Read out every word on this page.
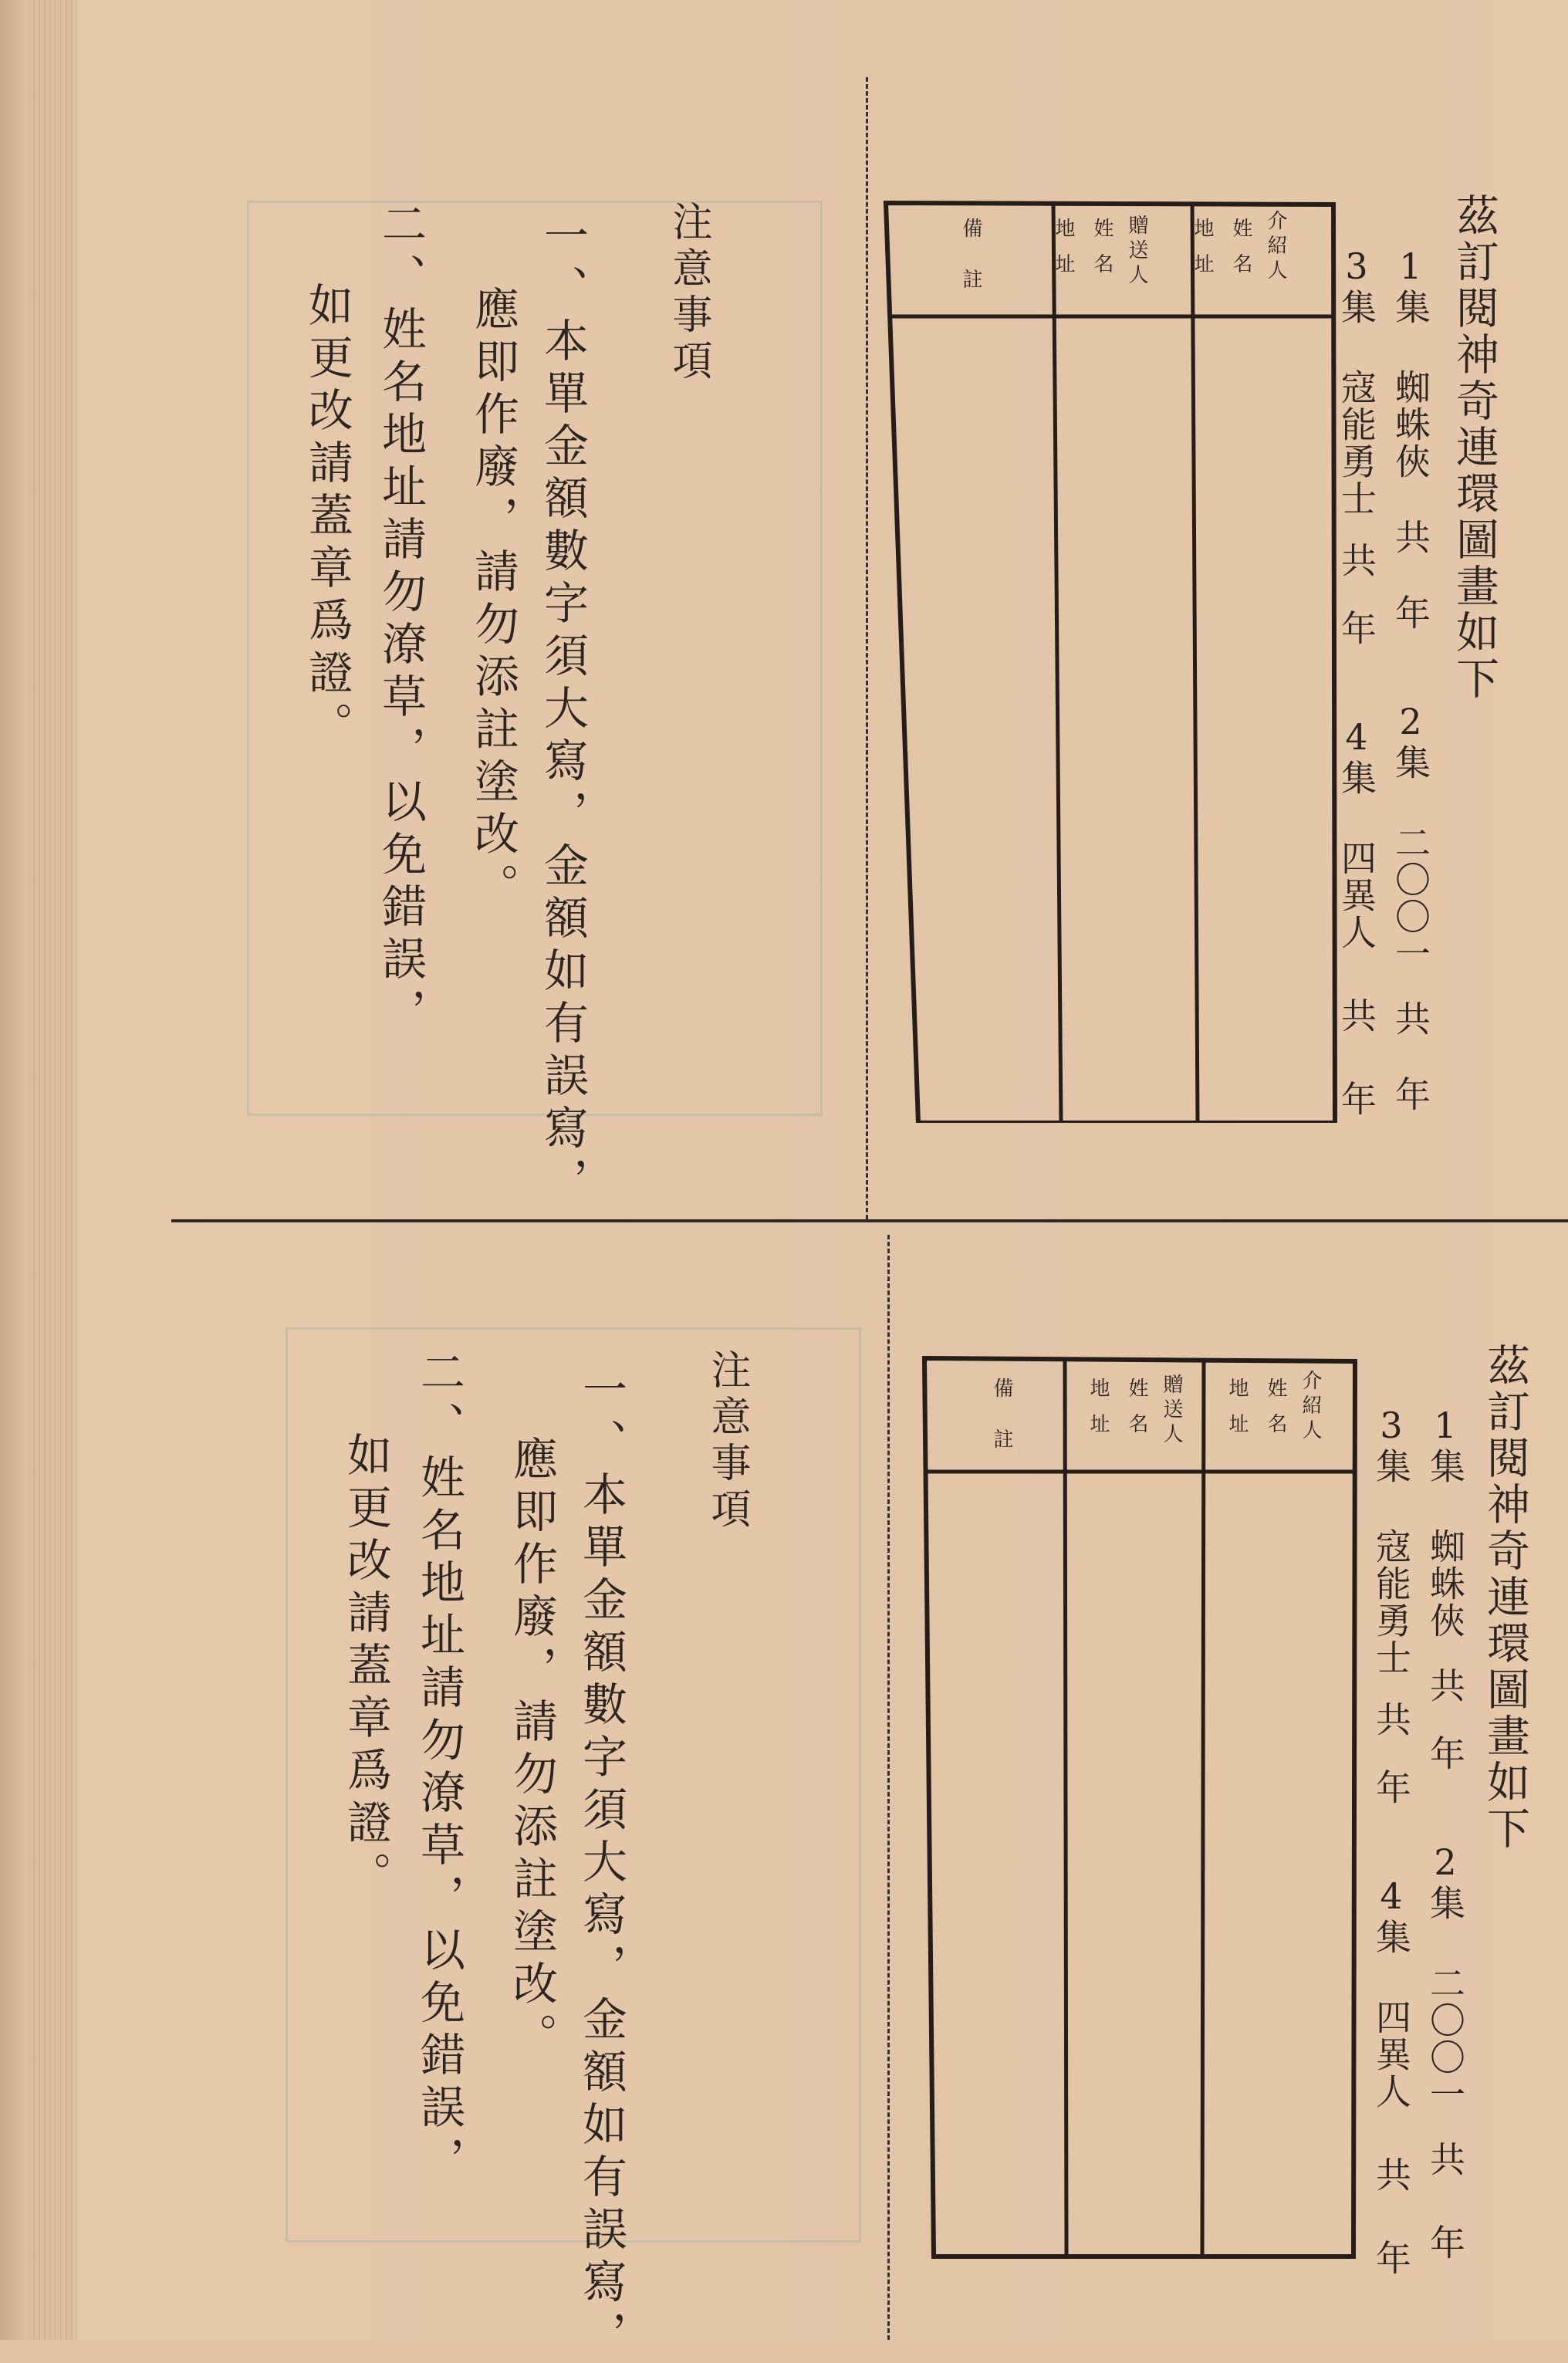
茲訂閱神奇連環圖畫如下
1集 蜘蛛俠共年2集 二〇〇一共年
3集 寇能勇士共年4集 四異人共年
介紹人
姓名
地址
贈送人
姓名
地址
備註
注意事項
一、本單金額數字須大寫，金額如有誤寫，
應即作廢，請勿添註塗改。
二、姓名地址請勿潦草，以免錯誤，
如更改請蓋章爲證。
茲訂閱神奇連環圖畫如下
1集 蜘蛛俠共年2集 二〇〇一共年
3集 寇能勇士共年4集 四異人共年
介紹人
姓名
地址
贈送人
姓名
地址
備註
注意事項
一、本單金額數字須大寫，金額如有誤寫，
應即作廢，請勿添註塗改。
二、姓名地址請勿潦草，以免錯誤，
如更改請蓋章爲證。
